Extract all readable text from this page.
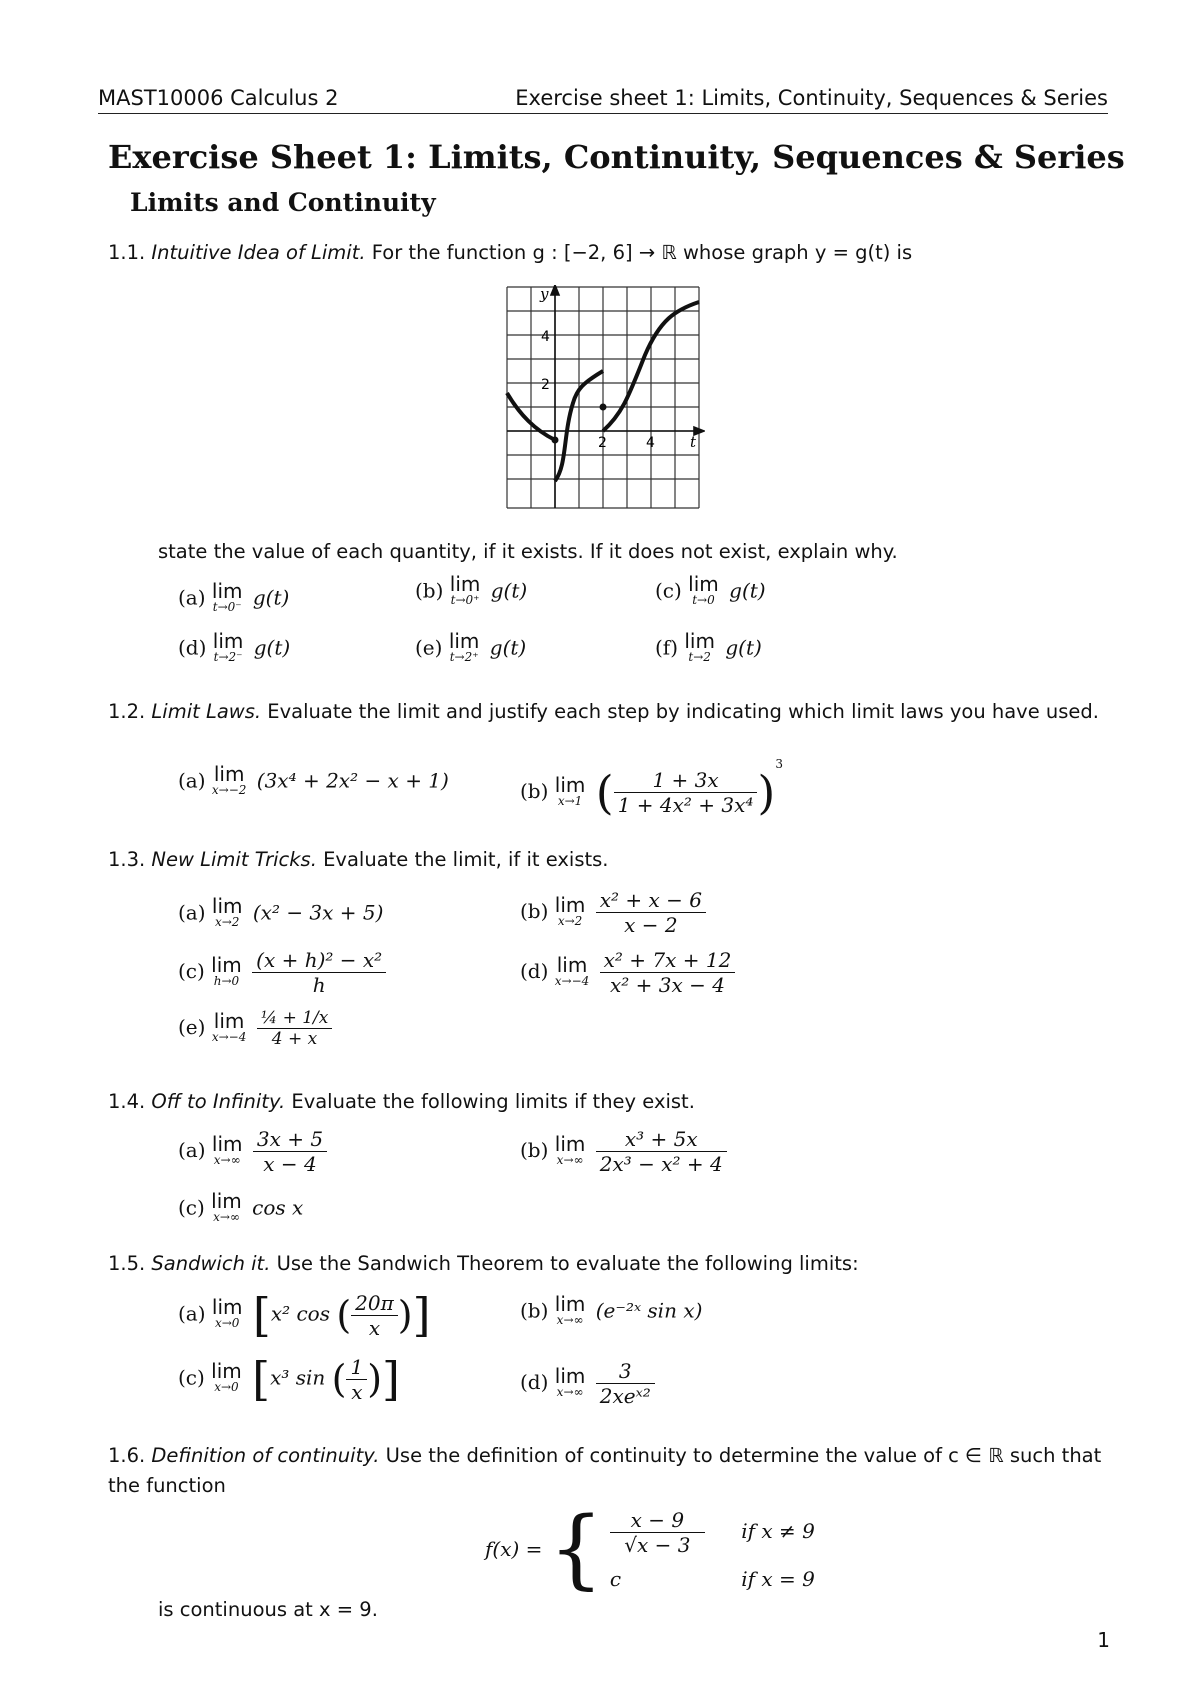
MAST10006 Calculus 2	Exercise sheet 1: Limits, Continuity, Sequences & Series
Exercise Sheet 1: Limits, Continuity, Sequences & Series
Limits and Continuity
1.1. Intuitive Idea of Limit. For the function g : [−2, 6] → ℝ whose graph y = g(t) is
y
4
2
2	4 t
state the value of each quantity, if it exists. If it does not exist, explain why.
(a) lim
t→0⁻ g(t)	(b) lim
t→0⁺ g(t)	(c) lim
t→0 g(t)
(d) lim
t→2⁻ g(t)	(e) lim
t→2⁺ g(t)	(f) lim
t→2 g(t)
1.2. Limit Laws. Evaluate the limit and justify each step by indicating which limit laws you have used.
(a) lim
x→−2 (3x⁴ + 2x² − x + 1)	(b) lim
x→1 ( $\frac{1 + 3x}{\text{1 + 4x² + 3x⁴}} )^3$
1.3. New Limit Tricks. Evaluate the limit, if it exists.
(a) lim
x→2 (x² − 3x + 5)	(b) lim
x→2
$\frac{\text{x² + x − 6}}{x - 2}$
(c) lim
h→0
$\frac{\text{(x + h)² − x²}}{h}$	(d) lim
x→−4
$\frac{\text{x² + 7x + 12}}{\text{x² + 3x − 4}}$
(e) lim
x→−4
$\frac{\text{¼ + 1/x}}{4 + x}$
1.4. Off to Infinity. Evaluate the following limits if they exist.
(a) lim
x→∞
$\frac{3x + 5}{x - 4}$	(b) lim
x→∞
$\frac{\text{x³ + 5x}}{\text{2x³ − x² + 4}}$
(c) lim
x→∞ cos x
1.5. Sandwich it. Use the Sandwich Theorem to evaluate the following limits:
(a) lim
x→0 [x² cos ( $\frac{20\pi}{x}$ )]	(b) lim
x→∞ (e⁻²ˣ sin x)
(c) lim
x→0 [x³ sin ( $\frac{1}{x}$ )]	(d) lim
x→∞
$\frac{3}{\text{2xeˣ²}}$
1.6. Definition of continuity. Use the definition of continuity to determine the value of c ∈ ℝ such that the function
f(x) = { $\frac{x - 9}{√x - 3}$ if x ≠ 9
c	if x = 9
is continuous at x = 9.
1
